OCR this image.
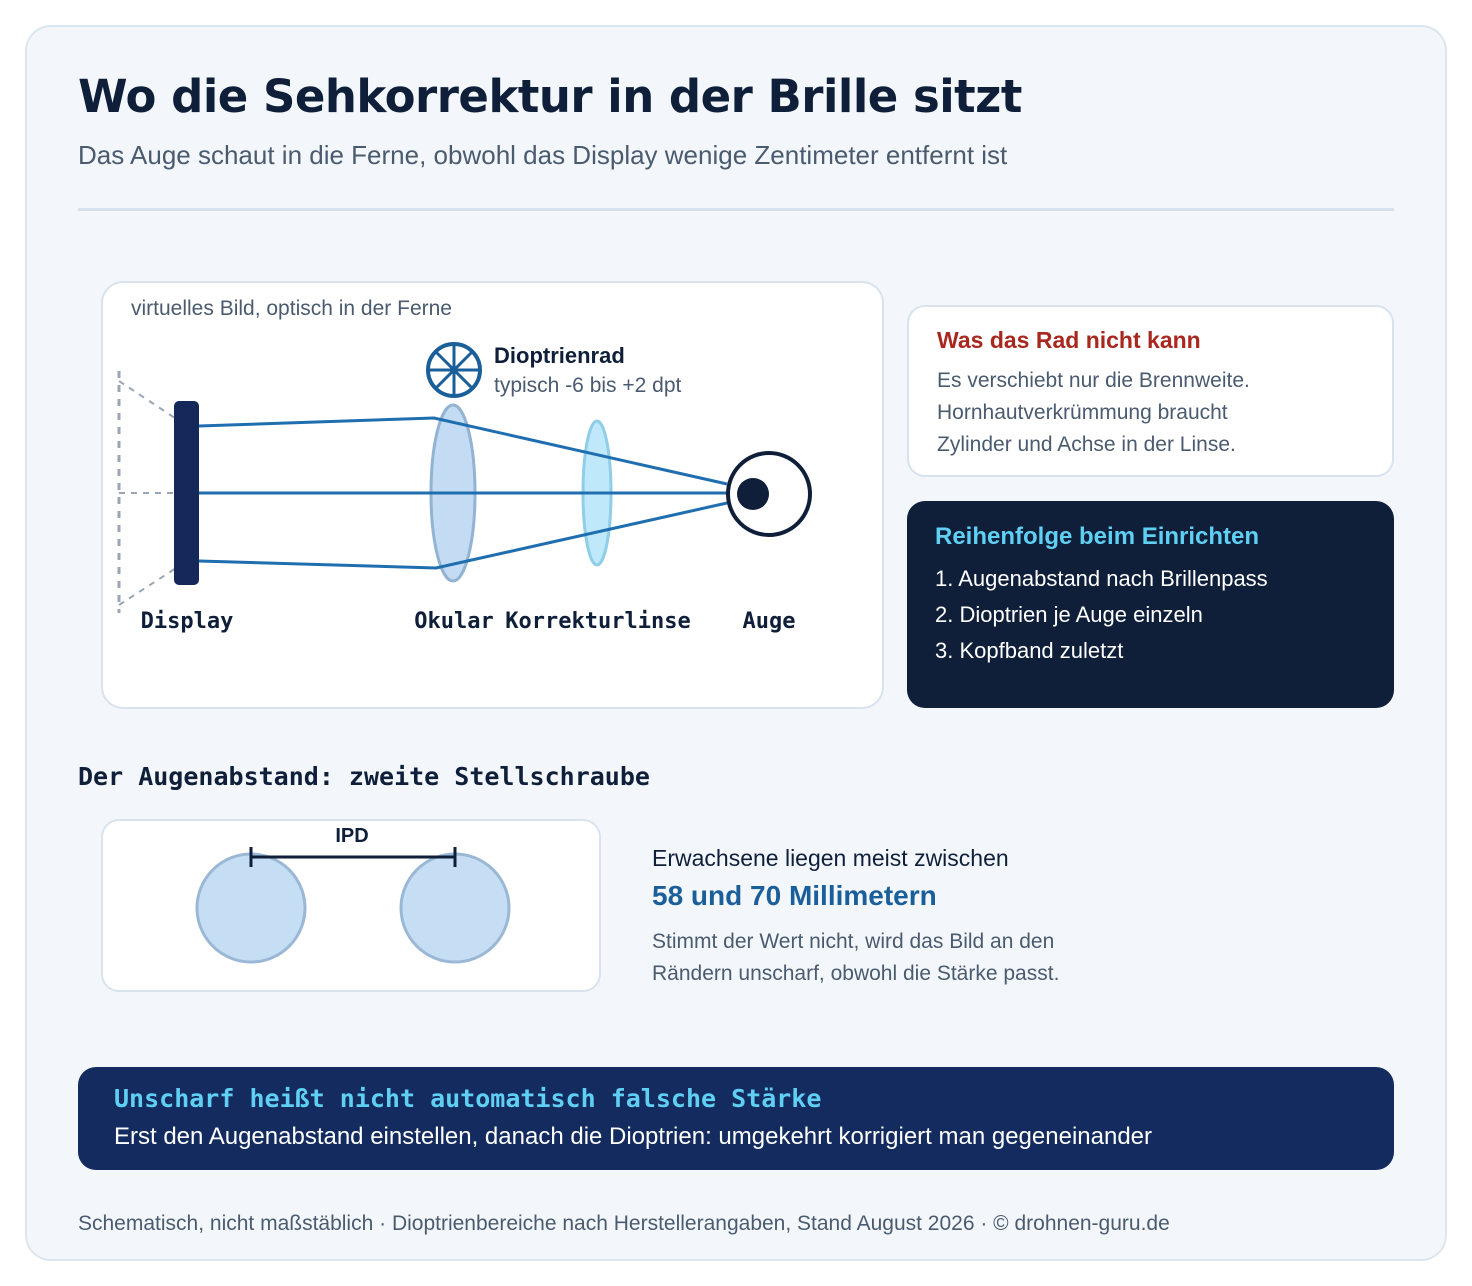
Wo die Sehkorrektur in der Brille sitzt
Das Auge schaut in die Ferne, obwohl das Display wenige Zentimeter entfernt ist
virtuelles Bild, optisch in der Ferne
Dioptrienrad
typisch -6 bis +2 dpt
Display	Okular Korrekturlinse Auge
Was das Rad nicht kann
Es verschiebt nur die Brennweite.
Hornhautverkrümmung braucht
Zylinder und Achse in der Linse.
Reihenfolge beim Einrichten
1. Augenabstand nach Brillenpass
2. Dioptrien je Auge einzeln
3. Kopfband zuletzt
Der Augenabstand: zweite Stellschraube
IPD
Erwachsene liegen meist zwischen
58 und 70 Millimetern
Stimmt der Wert nicht, wird das Bild an den
Rändern unscharf, obwohl die Stärke passt.
Unscharf heißt nicht automatisch falsche Stärke
Erst den Augenabstand einstellen, danach die Dioptrien: umgekehrt korrigiert man gegeneinander
Schematisch, nicht maßstäblich · Dioptrienbereiche nach Herstellerangaben, Stand August 2026 · © drohnen-guru.de
